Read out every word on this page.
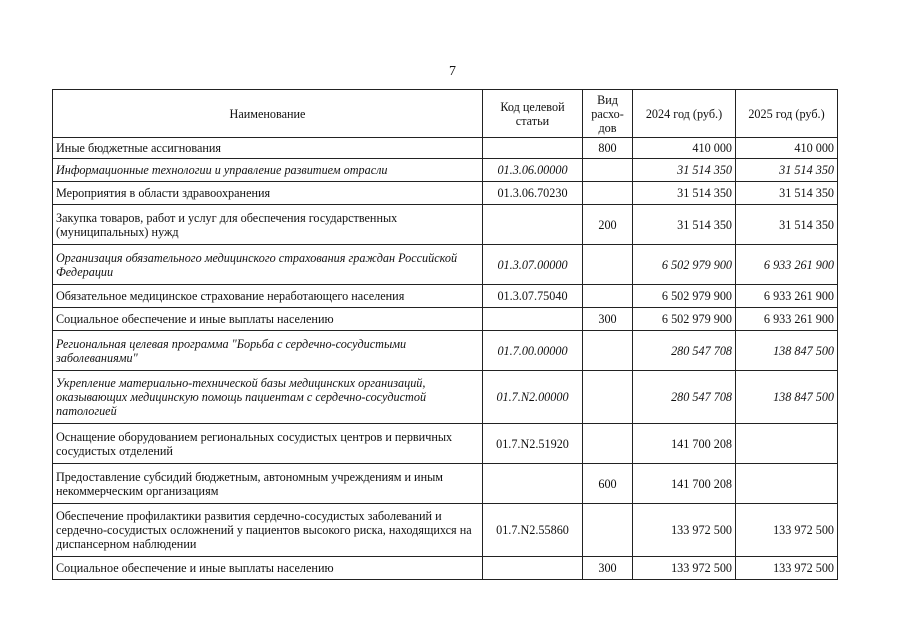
7
Наименование	Код целевой статьи	Вид расхо-дов	2024 год (руб.)	2025 год (руб.)
Иные бюджетные ассигнования		800	410 000	410 000
Информационные технологии и управление развитием отрасли	01.3.06.00000		31 514 350	31 514 350
Мероприятия в области здравоохранения	01.3.06.70230		31 514 350	31 514 350
Закупка товаров, работ и услуг для обеспечения государственных (муниципальных) нужд		200	31 514 350	31 514 350
Организация обязательного медицинского страхования граждан Российской Федерации	01.3.07.00000		6 502 979 900	6 933 261 900
Обязательное медицинское страхование неработающего населения	01.3.07.75040		6 502 979 900	6 933 261 900
Социальное обеспечение и иные выплаты населению		300	6 502 979 900	6 933 261 900
Региональная целевая программа "Борьба с сердечно-сосудистыми заболеваниями"	01.7.00.00000		280 547 708	138 847 500
Укрепление материально-технической базы медицинских организаций, оказывающих медицинскую помощь пациентам с сердечно-сосудистой патологией	01.7.N2.00000		280 547 708	138 847 500
Оснащение оборудованием региональных сосудистых центров и первичных сосудистых отделений	01.7.N2.51920		141 700 208	
Предоставление субсидий бюджетным, автономным учреждениям и иным некоммерческим организациям		600	141 700 208	
Обеспечение профилактики развития сердечно-сосудистых заболеваний и сердечно-сосудистых осложнений у пациентов высокого риска, находящихся на диспансерном наблюдении	01.7.N2.55860		133 972 500	133 972 500
Социальное обеспечение и иные выплаты населению		300	133 972 500	133 972 500
